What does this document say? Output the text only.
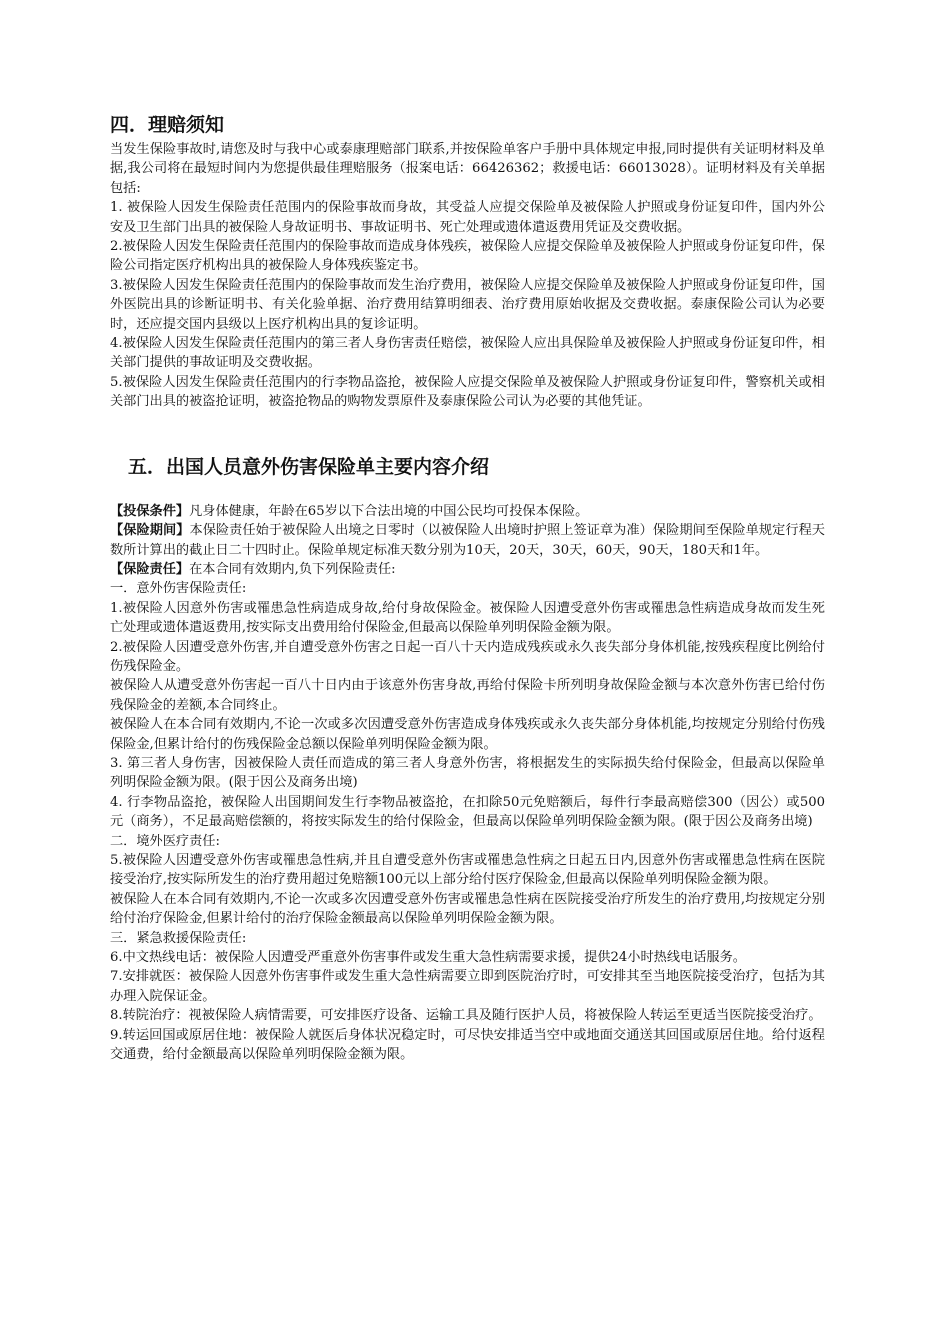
四．理赔须知

当发生保险事故时,请您及时与我中心或泰康理赔部门联系,并按保险单客户手册中具体规定申报,同时提供有关证明材料及单据,我公司将在最短时间内为您提供最佳理赔服务（报案电话：66426362；救援电话：66013028）。证明材料及有关单据包括:

1. 被保险人因发生保险责任范围内的保险事故而身故，其受益人应提交保险单及被保险人护照或身份证复印件，国内外公安及卫生部门出具的被保险人身故证明书、事故证明书、死亡处理或遗体遣返费用凭证及交费收据。

2.被保险人因发生保险责任范围内的保险事故而造成身体残疾，被保险人应提交保险单及被保险人护照或身份证复印件，保险公司指定医疗机构出具的被保险人身体残疾鉴定书。

3.被保险人因发生保险责任范围内的保险事故而发生治疗费用，被保险人应提交保险单及被保险人护照或身份证复印件，国外医院出具的诊断证明书、有关化验单据、治疗费用结算明细表、治疗费用原始收据及交费收据。泰康保险公司认为必要时，还应提交国内县级以上医疗机构出具的复诊证明。

4.被保险人因发生保险责任范围内的第三者人身伤害责任赔偿，被保险人应出具保险单及被保险人护照或身份证复印件，相关部门提供的事故证明及交费收据。

5.被保险人因发生保险责任范围内的行李物品盗抢，被保险人应提交保险单及被保险人护照或身份证复印件，警察机关或相关部门出具的被盗抢证明，被盗抢物品的购物发票原件及泰康保险公司认为必要的其他凭证。

五．出国人员意外伤害保险单主要内容介绍

【投保条件】凡身体健康，年龄在65岁以下合法出境的中国公民均可投保本保险。

【保险期间】本保险责任始于被保险人出境之日零时（以被保险人出境时护照上签证章为准）保险期间至保险单规定行程天数所计算出的截止日二十四时止。保险单规定标准天数分别为10天，20天，30天，60天，90天，180天和1年。

【保险责任】在本合同有效期内,负下列保险责任:

一．意外伤害保险责任:

1.被保险人因意外伤害或罹患急性病造成身故,给付身故保险金。被保险人因遭受意外伤害或罹患急性病造成身故而发生死亡处理或遗体遣返费用,按实际支出费用给付保险金,但最高以保险单列明保险金额为限。

2.被保险人因遭受意外伤害,并自遭受意外伤害之日起一百八十天内造成残疾或永久丧失部分身体机能,按残疾程度比例给付伤残保险金。

被保险人从遭受意外伤害起一百八十日内由于该意外伤害身故,再给付保险卡所列明身故保险金额与本次意外伤害已给付伤残保险金的差额,本合同终止。

被保险人在本合同有效期内,不论一次或多次因遭受意外伤害造成身体残疾或永久丧失部分身体机能,均按规定分别给付伤残保险金,但累计给付的伤残保险金总额以保险单列明保险金额为限。

3. 第三者人身伤害，因被保险人责任而造成的第三者人身意外伤害，将根据发生的实际损失给付保险金，但最高以保险单列明保险金额为限。(限于因公及商务出境)

4. 行李物品盗抢，被保险人出国期间发生行李物品被盗抢，在扣除50元免赔额后，每件行李最高赔偿300（因公）或500元（商务），不足最高赔偿额的，将按实际发生的给付保险金，但最高以保险单列明保险金额为限。(限于因公及商务出境)

二．境外医疗责任:

5.被保险人因遭受意外伤害或罹患急性病,并且自遭受意外伤害或罹患急性病之日起五日内,因意外伤害或罹患急性病在医院接受治疗,按实际所发生的治疗费用超过免赔额100元以上部分给付医疗保险金,但最高以保险单列明保险金额为限。

被保险人在本合同有效期内,不论一次或多次因遭受意外伤害或罹患急性病在医院接受治疗所发生的治疗费用,均按规定分别给付治疗保险金,但累计给付的治疗保险金额最高以保险单列明保险金额为限。

三．紧急救援保险责任:

6.中文热线电话：被保险人因遭受严重意外伤害事件或发生重大急性病需要求援，提供24小时热线电话服务。

7.安排就医：被保险人因意外伤害事件或发生重大急性病需要立即到医院治疗时，可安排其至当地医院接受治疗，包括为其办理入院保证金。

8.转院治疗：视被保险人病情需要，可安排医疗设备、运输工具及随行医护人员，将被保险人转运至更适当医院接受治疗。

9.转运回国或原居住地：被保险人就医后身体状况稳定时，可尽快安排适当空中或地面交通送其回国或原居住地。给付返程交通费，给付金额最高以保险单列明保险金额为限。
